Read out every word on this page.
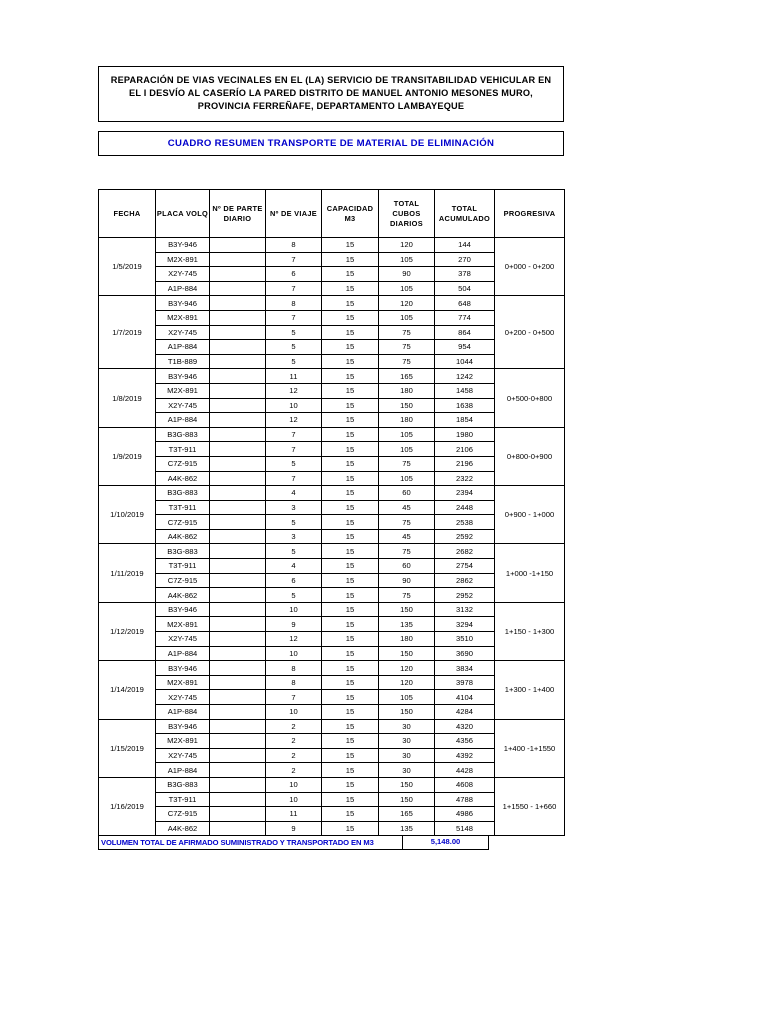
REPARACIÓN DE VIAS VECINALES EN EL (LA) SERVICIO DE TRANSITABILIDAD VEHICULAR EN
EL I DESVÍO AL CASERÍO LA PARED DISTRITO DE MANUEL ANTONIO MESONES MURO,
PROVINCIA FERREÑAFE, DEPARTAMENTO LAMBAYEQUE
CUADRO RESUMEN TRANSPORTE DE MATERIAL DE ELIMINACIÓN
FECHA	PLACA VOLQ	Nº DE PARTE DIARIO	Nº DE VIAJE	CAPACIDAD M3	TOTAL CUBOS DIARIOS	TOTAL ACUMULADO	PROGRESIVA
1/5/2019	B3Y-946		8	15	120	144	0+000 - 0+200
	M2X-891		7	15	105	270	
	X2Y-745		6	15	90	378	
	A1P-884		7	15	105	504	
1/7/2019	B3Y-946		8	15	120	648	0+200 - 0+500
	M2X-891		7	15	105	774	
	X2Y-745		5	15	75	864	
	A1P-884		5	15	75	954	
	T1B-889		5	15	75	1044	
1/8/2019	B3Y-946		11	15	165	1242	0+500-0+800
	M2X-891		12	15	180	1458	
	X2Y-745		10	15	150	1638	
	A1P-884		12	15	180	1854	
1/9/2019	B3G-883		7	15	105	1980	0+800-0+900
	T3T-911		7	15	105	2106	
	C7Z-915		5	15	75	2196	
	A4K-862		7	15	105	2322	
1/10/2019	B3G-883		4	15	60	2394	0+900 - 1+000
	T3T-911		3	15	45	2448	
	C7Z-915		5	15	75	2538	
	A4K-862		3	15	45	2592	
1/11/2019	B3G-883		5	15	75	2682	1+000 -1+150
	T3T-911		4	15	60	2754	
	C7Z-915		6	15	90	2862	
	A4K-862		5	15	75	2952	
1/12/2019	B3Y-946		10	15	150	3132	1+150 - 1+300
	M2X-891		9	15	135	3294	
	X2Y-745		12	15	180	3510	
	A1P-884		10	15	150	3690	
1/14/2019	B3Y-946		8	15	120	3834	1+300 - 1+400
	M2X-891		8	15	120	3978	
	X2Y-745		7	15	105	4104	
	A1P-884		10	15	150	4284	
1/15/2019	B3Y-946		2	15	30	4320	1+400 -1+1550
	M2X-891		2	15	30	4356	
	X2Y-745		2	15	30	4392	
	A1P-884		2	15	30	4428	
1/16/2019	B3G-883		10	15	150	4608	1+1550 - 1+660
	T3T-911		10	15	150	4788	
	C7Z-915		11	15	165	4986	
	A4K-862		9	15	135	5148	
VOLUMEN TOTAL DE AFIRMADO SUMINISTRADO Y TRANSPORTADO EN M3	5,148.00
